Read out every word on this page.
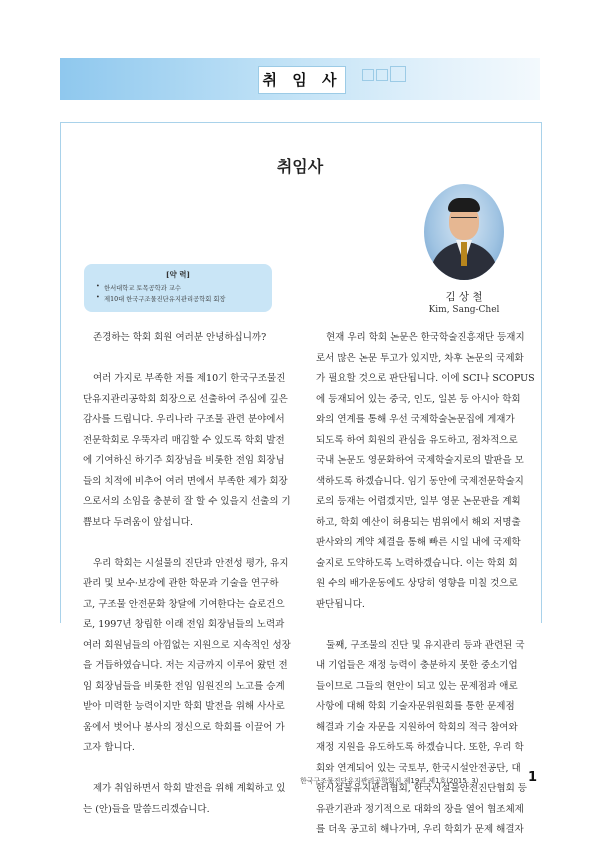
취 임 사
취임사
김 상 철
Kim, Sang-Chel
[약 력]
• 한서대학교 토목공학과 교수
• 제10대 한국구조물진단유지관리공학회 회장

존경하는 학회 회원 여러분 안녕하십니까?

여러 가지로 부족한 저를 제10기 한국구조물진

단유지관리공학회 회장으로 선출하여 주심에 깊은

감사를 드립니다. 우리나라 구조물 관련 분야에서

전문학회로 우뚝자리 매김할 수 있도록 학회 발전

에 기여하신 하기주 회장님을 비롯한 전임 회장님

들의 치적에 비추어 여러 면에서 부족한 제가 회장

으로서의 소임을 충분히 잘 할 수 있을지 선출의 기

쁨보다 두려움이 앞섭니다.

우리 학회는 시설물의 진단과 안전성 평가, 유지

관리 및 보수·보강에 관한 학문과 기술을 연구하

고, 구조물 안전문화 창달에 기여한다는 슬로건으

로, 1997년 창립한 이래 전임 회장님들의 노력과

여러 회원님들의 아낌없는 지원으로 지속적인 성장

을 거듭하였습니다. 저는 지금까지 이루어 왔던 전

임 회장님들을 비롯한 전임 임원진의 노고를 승계

받아 미력한 능력이지만 학회 발전을 위해 사사로

움에서 벗어나 봉사의 정신으로 학회를 이끌어 가

고자 합니다.

제가 취임하면서 학회 발전을 위해 계획하고 있

는 (안)들을 말씀드리겠습니다.

현재 우리 학회 논문은 한국학술진흥재단 등재지

로서 많은 논문 투고가 있지만, 차후 논문의 국제화

가 필요할 것으로 판단됩니다. 이에 SCI나 SCOPUS

에 등재되어 있는 중국, 인도, 일본 등 아시아 학회

와의 연계를 통해 우선 국제학술논문집에 게재가

되도록 하여 회원의 관심을 유도하고, 점차적으로

국내 논문도 영문화하여 국제학술지로의 발판을 모

색하도록 하겠습니다. 임기 동안에 국제전문학술지

로의 등재는 어렵겠지만, 일부 영문 논문판을 계획

하고, 학회 예산이 허용되는 범위에서 해외 저명출

판사와의 계약 체결을 통해 빠른 시일 내에 국제학

술지로 도약하도록 노력하겠습니다. 이는 학회 회

원 수의 배가운동에도 상당히 영향을 미칠 것으로

판단됩니다.

둘째, 구조물의 진단 및 유지관리 등과 관련된 국

내 기업들은 재정 능력이 충분하지 못한 중소기업

들이므로 그들의 현안이 되고 있는 문제점과 애로

사항에 대해 학회 기술자문위원회를 통한 문제점

해결과 기술 자문을 지원하여 학회의 적극 참여와

재정 지원을 유도하도록 하겠습니다. 또한, 우리 학

회와 연계되어 있는 국토부, 한국시설안전공단, 대

한시설물유지관리협회, 한국시설물안전진단협회 등

유관기관과 정기적으로 대화의 장을 열어 협조체제

를 더욱 공고히 해나가며, 우리 학회가 문제 해결자

한국구조물진단유지관리공학회지 제19권 제1호(2015. 3)	1
